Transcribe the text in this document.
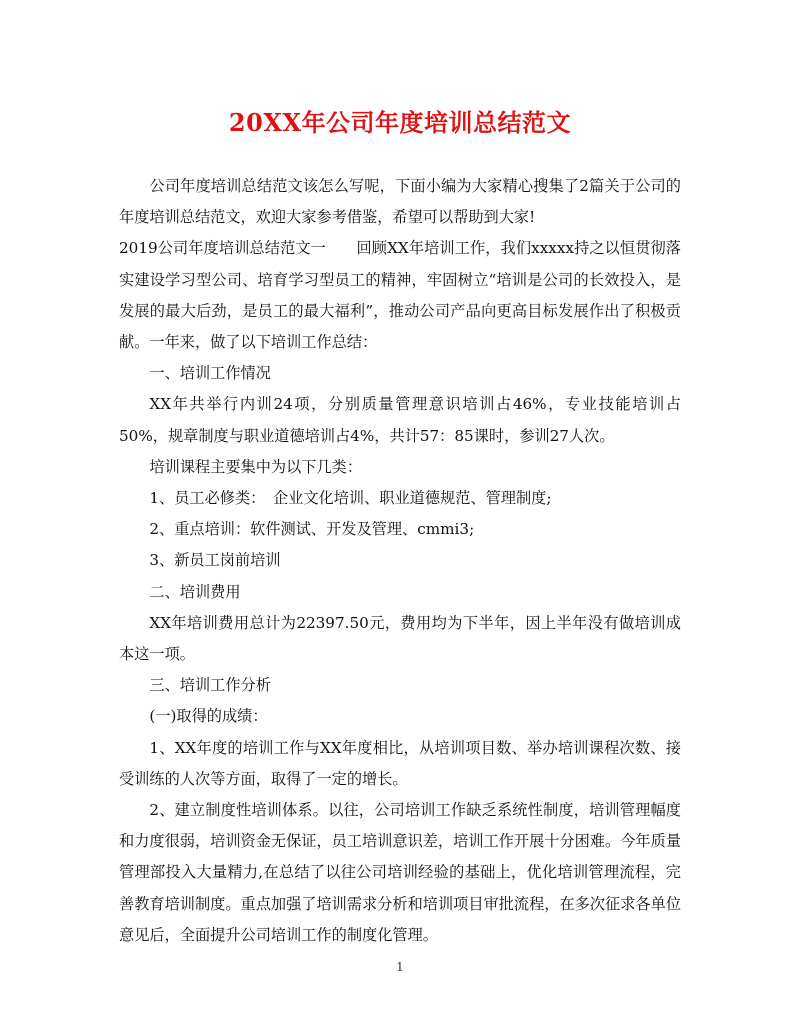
20XX年公司年度培训总结范文

公司年度培训总结范文该怎么写呢，下面小编为大家精心搜集了2篇关于公司的年度培训总结范文，欢迎大家参考借鉴，希望可以帮助到大家!

2019公司年度培训总结范文一　　回顾XX年培训工作，我们xxxxx持之以恒贯彻落实建设学习型公司、培育学习型员工的精神，牢固树立“培训是公司的长效投入，是发展的最大后劲，是员工的最大福利”，推动公司产品向更高目标发展作出了积极贡献。一年来，做了以下培训工作总结：

一、培训工作情况

XX年共举行内训24项，分别质量管理意识培训占46%，专业技能培训占50%，规章制度与职业道德培训占4%，共计57：85课时，参训27人次。

培训课程主要集中为以下几类：

1、员工必修类：　企业文化培训、职业道德规范、管理制度;

2、重点培训：软件测试、开发及管理、cmmi3;

3、新员工岗前培训

二、培训费用

XX年培训费用总计为22397.50元，费用均为下半年，因上半年没有做培训成本这一项。

三、培训工作分析

(一)取得的成绩：

1、XX年度的培训工作与XX年度相比，从培训项目数、举办培训课程次数、接受训练的人次等方面，取得了一定的增长。

2、建立制度性培训体系。以往，公司培训工作缺乏系统性制度，培训管理幅度和力度很弱，培训资金无保证，员工培训意识差，培训工作开展十分困难。今年质量管理部投入大量精力,在总结了以往公司培训经验的基础上，优化培训管理流程，完善教育培训制度。重点加强了培训需求分析和培训项目审批流程，在多次征求各单位意见后，全面提升公司培训工作的制度化管理。

1
